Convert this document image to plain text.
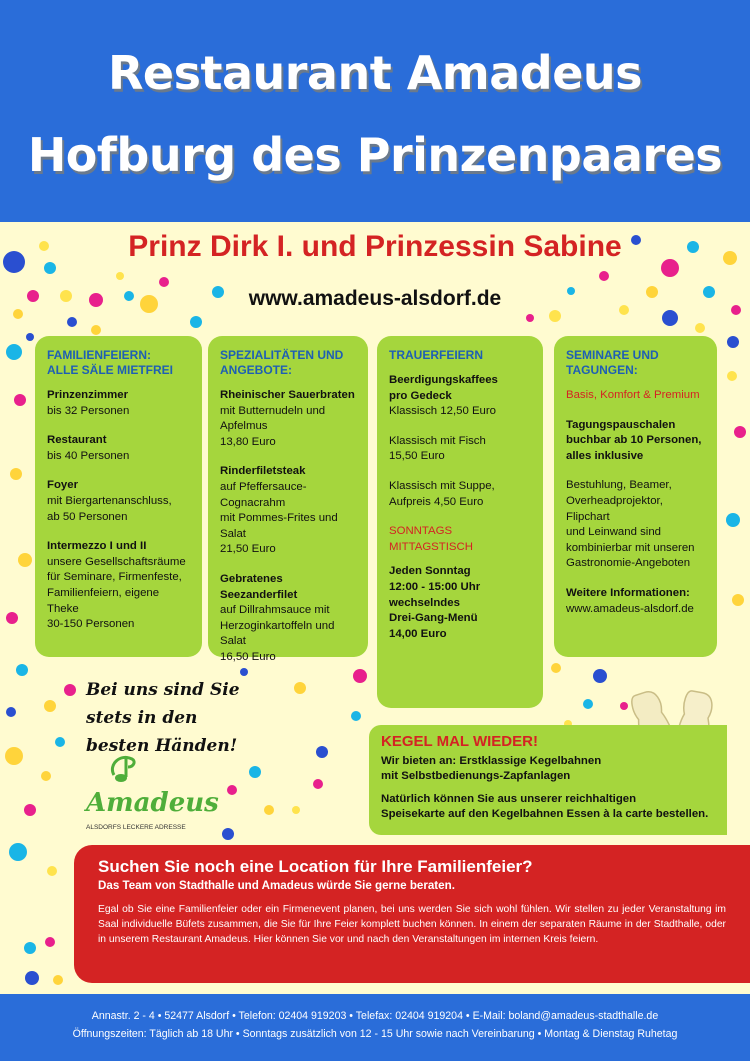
Restaurant Amadeus
Hofburg des Prinzenpaares
Prinz Dirk I. und Prinzessin Sabine
www.amadeus-alsdorf.de
FAMILIENFEIERN:
ALLE SÄLE MIETFREI
Prinzenzimmer
bis 32 Personen
Restaurant
bis 40 Personen
Foyer
mit Biergartenanschluss,
ab 50 Personen
Intermezzo I und II
unsere Gesellschaftsräume
für Seminare, Firmenfeste,
Familienfeiern, eigene Theke
30-150 Personen
SPEZIALITÄTEN UND
ANGEBOTE:
Rheinischer Sauerbraten
mit Butternudeln und
Apfelmus
13,80 Euro
Rinderfiletsteak
auf Pfeffersauce-Cognacrahm
mit Pommes-Frites und Salat
21,50 Euro
Gebratenes Seezanderfilet
auf Dillrahmsauce mit
Herzoginkartoffeln und
Salat
16,50 Euro
TRAUERFEIERN
Beerdigungskaffees
pro Gedeck
Klassisch 12,50 Euro
Klassisch mit Fisch
15,50 Euro
Klassisch mit Suppe,
Aufpreis 4,50 Euro
SONNTAGS
MITTAGSTISCH
Jeden Sonntag
12:00 - 15:00 Uhr
wechselndes
Drei-Gang-Menü
14,00 Euro
SEMINARE UND
TAGUNGEN:
Basis, Komfort & Premium
Tagungspauschalen
buchbar ab 10 Personen,
alles inklusive
Bestuhlung, Beamer,
Overheadprojektor, Flipchart
und Leinwand sind
kombinierbar mit unseren
Gastronomie-Angeboten
Weitere Informationen:
www.amadeus-alsdorf.de
Bei uns sind Sie
stets in den
besten Händen!
Amadeus
ALSDORFS LECKERE ADRESSE
KEGEL MAL WIEDER!
Wir bieten an: Erstklassige Kegelbahnen
mit Selbstbedienungs-Zapfanlagen
Natürlich können Sie aus unserer reichhaltigen
Speisekarte auf den Kegelbahnen Essen à la carte bestellen.
Suchen Sie noch eine Location für Ihre Familienfeier?
Das Team von Stadthalle und Amadeus würde Sie gerne beraten.
Egal ob Sie eine Familienfeier oder ein Firmenevent planen, bei uns werden Sie sich wohl fühlen. Wir stellen zu jeder Veranstaltung im Saal individuelle Büfets zusammen, die Sie für Ihre Feier komplett buchen können. In einem der separaten Räume in der Stadthalle, oder in unserem Restaurant Amadeus. Hier können Sie vor und nach den Veranstaltungen im internen Kreis feiern.
Annastr. 2 - 4 • 52477 Alsdorf • Telefon: 02404 919203 • Telefax: 02404 919204 • E-Mail: boland@amadeus-stadthalle.de
Öffnungszeiten: Täglich ab 18 Uhr • Sonntags zusätzlich von 12 - 15 Uhr sowie nach Vereinbarung • Montag & Dienstag Ruhetag
